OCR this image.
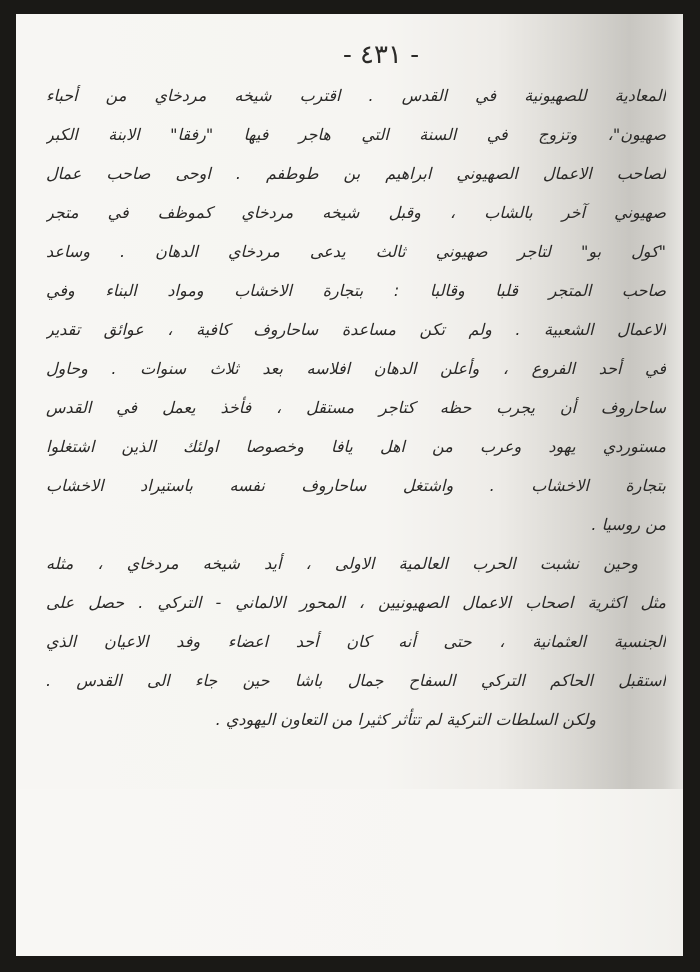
- ٤٣١ -
المعادية للصهيونية في القدس . اقترب شيخه مردخاي من أحباء
صهيون"، وتزوج في السنة التي هاجر فيها "رفقا" الابنة الكبر
لصاحب الاعمال الصهيوني ابراهيم بن طوطفم . اوحى صاحب عمال
صهيوني آخر بالشاب ، وقبل شيخه مردخاي كموظف في متجر
"كول بو" لتاجر صهيوني ثالث يدعى مردخاي الدهان . وساعد
صاحب المتجر قلبا وقالبا : بتجارة الاخشاب ومواد البناء وفي
الاعمال الشعبية . ولم تكن مساعدة ساحاروف كافية ، عوائق تقدير
في أحد الفروع ، وأعلن الدهان افلاسه بعد ثلاث سنوات . وحاول
ساحاروف أن يجرب حظه كتاجر مستقل ، فأخذ يعمل في القدس
مستوردي يهود وعرب من اهل يافا وخصوصا اولئك الذين اشتغلوا
بتجارة الاخشاب . واشتغل ساحاروف نفسه باستيراد الاخشاب
من روسيا .
وحين نشبت الحرب العالمية الاولى ، أيد شيخه مردخاي ، مثله
مثل اكثرية اصحاب الاعمال الصهيونيين ، المحور الالماني - التركي . حصل على
الجنسية العثمانية ، حتى أنه كان أحد اعضاء وفد الاعيان الذي
استقبل الحاكم التركي السفاح جمال باشا حين جاء الى القدس .
ولكن السلطات التركية لم تتأثر كثيرا من التعاون اليهودي .
